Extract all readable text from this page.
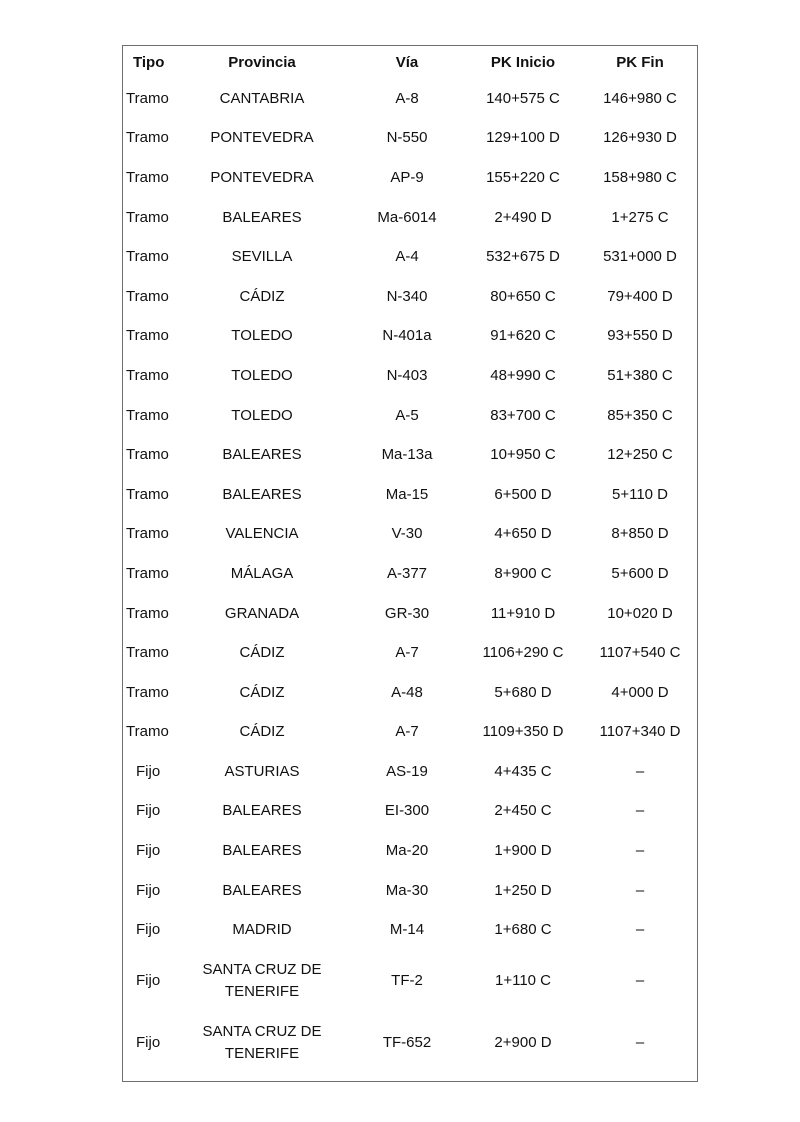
Tipo	Provincia	Vía	PK Inicio	PK Fin
Tramo	CANTABRIA	A-8	140+575 C	146+980 C
Tramo	PONTEVEDRA	N-550	129+100 D	126+930 D
Tramo	PONTEVEDRA	AP-9	155+220 C	158+980 C
Tramo	BALEARES	Ma-6014	2+490 D	1+275 C
Tramo	SEVILLA	A-4	532+675 D	531+000 D
Tramo	CÁDIZ	N-340	80+650 C	79+400 D
Tramo	TOLEDO	N-401a	91+620 C	93+550 D
Tramo	TOLEDO	N-403	48+990 C	51+380 C
Tramo	TOLEDO	A-5	83+700 C	85+350 C
Tramo	BALEARES	Ma-13a	10+950 C	12+250 C
Tramo	BALEARES	Ma-15	6+500 D	5+110 D
Tramo	VALENCIA	V-30	4+650 D	8+850 D
Tramo	MÁLAGA	A-377	8+900 C	5+600 D
Tramo	GRANADA	GR-30	11+910 D	10+020 D
Tramo	CÁDIZ	A-7	1106+290 C	1107+540 C
Tramo	CÁDIZ	A-48	5+680 D	4+000 D
Tramo	CÁDIZ	A-7	1109+350 D	1107+340 D
Fijo	ASTURIAS	AS-19	4+435 C	–
Fijo	BALEARES	EI-300	2+450 C	–
Fijo	BALEARES	Ma-20	1+900 D	–
Fijo	BALEARES	Ma-30	1+250 D	–
Fijo	MADRID	M-14	1+680 C	–
Fijo	SANTA CRUZ DE TENERIFE	TF-2	1+110 C	–
Fijo	SANTA CRUZ DE TENERIFE	TF-652	2+900 D	–
